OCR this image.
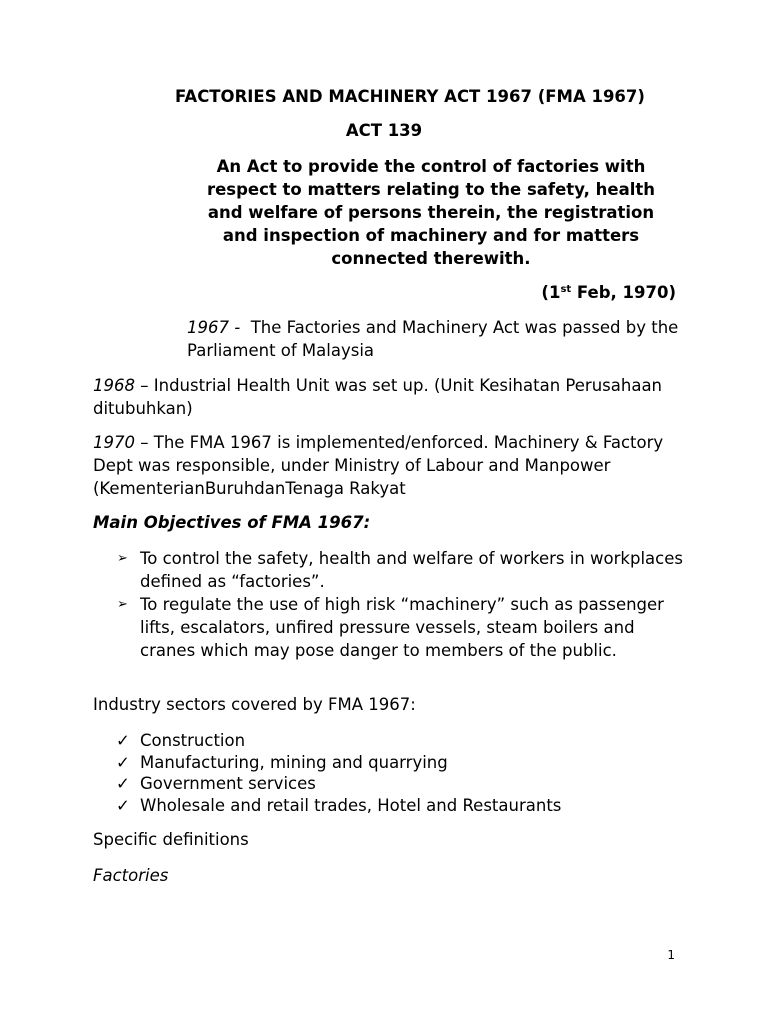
FACTORIES AND MACHINERY ACT 1967 (FMA 1967)
ACT 139
An Act to provide the control of factories with respect to matters relating to the safety, health and welfare of persons therein, the registration and inspection of machinery and for matters connected therewith.
(1st Feb, 1970)
1967 -  The Factories and Machinery Act was passed by the Parliament of Malaysia
1968 – Industrial Health Unit was set up. (Unit Kesihatan Perusahaan ditubuhkan)
1970 – The FMA 1967 is implemented/enforced. Machinery & Factory Dept was responsible, under Ministry of Labour and Manpower (KementerianBuruhdanTenaga Rakyat
Main Objectives of FMA 1967:
➢ To control the safety, health and welfare of workers in workplaces defined as “factories”.
➢ To regulate the use of high risk “machinery” such as passenger lifts, escalators, unfired pressure vessels, steam boilers and cranes which may pose danger to members of the public.
Industry sectors covered by FMA 1967:
✓ Construction
✓ Manufacturing, mining and quarrying
✓ Government services
✓ Wholesale and retail trades, Hotel and Restaurants
Specific definitions
Factories
1
